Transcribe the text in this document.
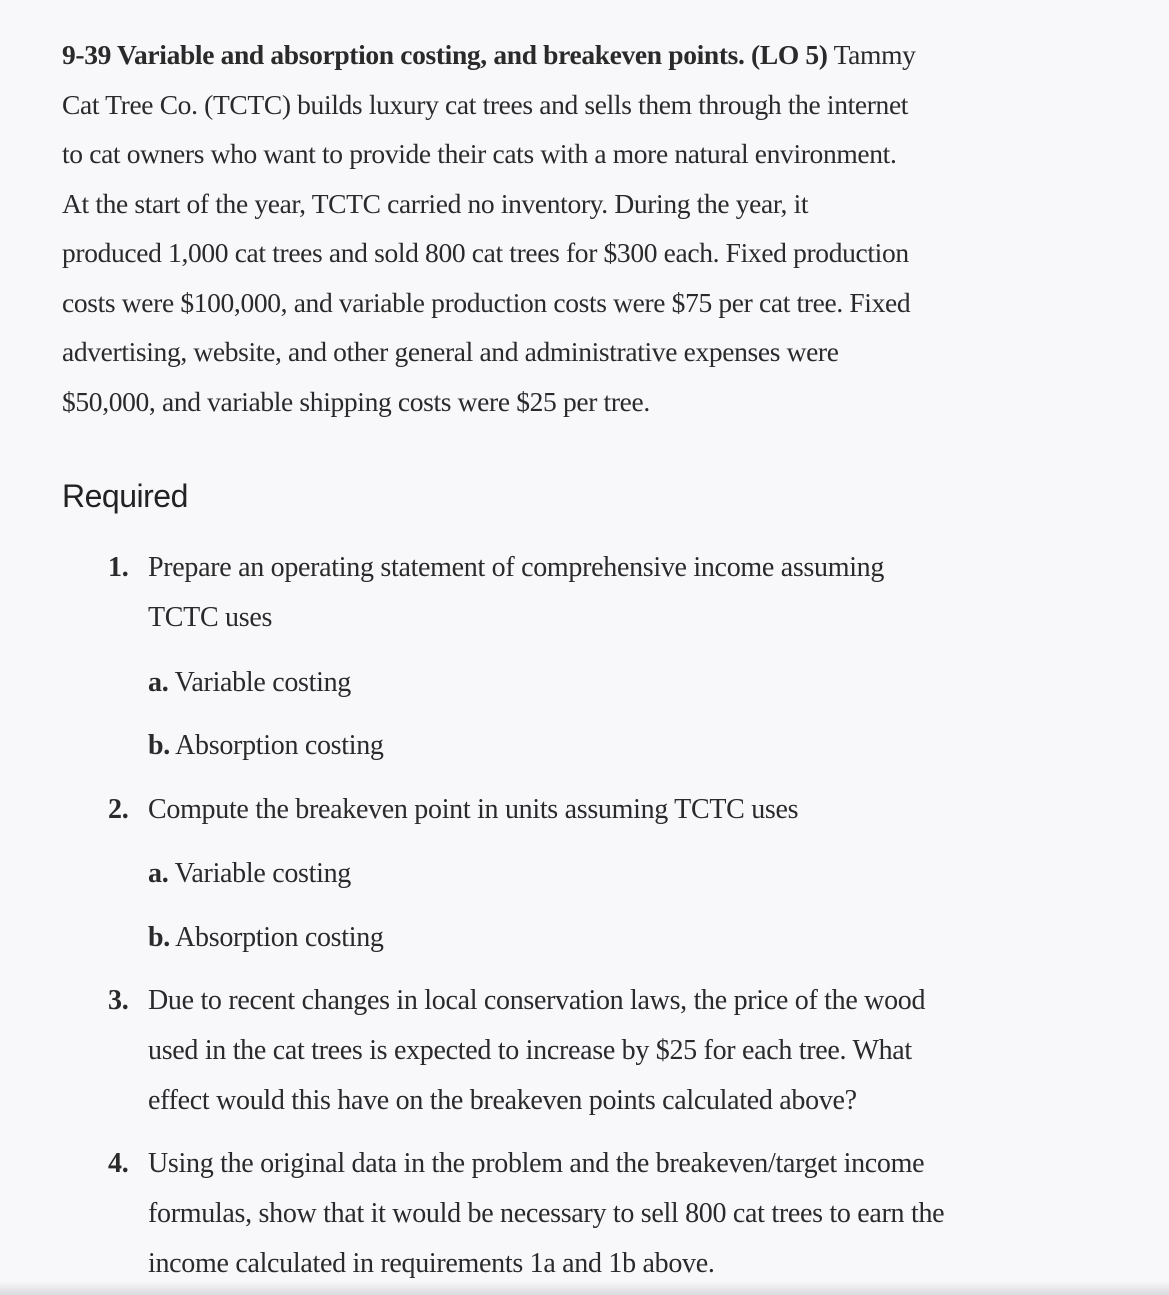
9-39 Variable and absorption costing, and breakeven points. (LO 5) Tammy
Cat Tree Co. (TCTC) builds luxury cat trees and sells them through the internet
to cat owners who want to provide their cats with a more natural environment.
At the start of the year, TCTC carried no inventory. During the year, it
produced 1,000 cat trees and sold 800 cat trees for $300 each. Fixed production
costs were $100,000, and variable production costs were $75 per cat tree. Fixed
advertising, website, and other general and administrative expenses were
$50,000, and variable shipping costs were $25 per tree.
Required
1. Prepare an operating statement of comprehensive income assuming
TCTC uses
a. Variable costing
b. Absorption costing
2. Compute the breakeven point in units assuming TCTC uses
a. Variable costing
b. Absorption costing
3. Due to recent changes in local conservation laws, the price of the wood
used in the cat trees is expected to increase by $25 for each tree. What
effect would this have on the breakeven points calculated above?
4. Using the original data in the problem and the breakeven/target income
formulas, show that it would be necessary to sell 800 cat trees to earn the
income calculated in requirements 1a and 1b above.
